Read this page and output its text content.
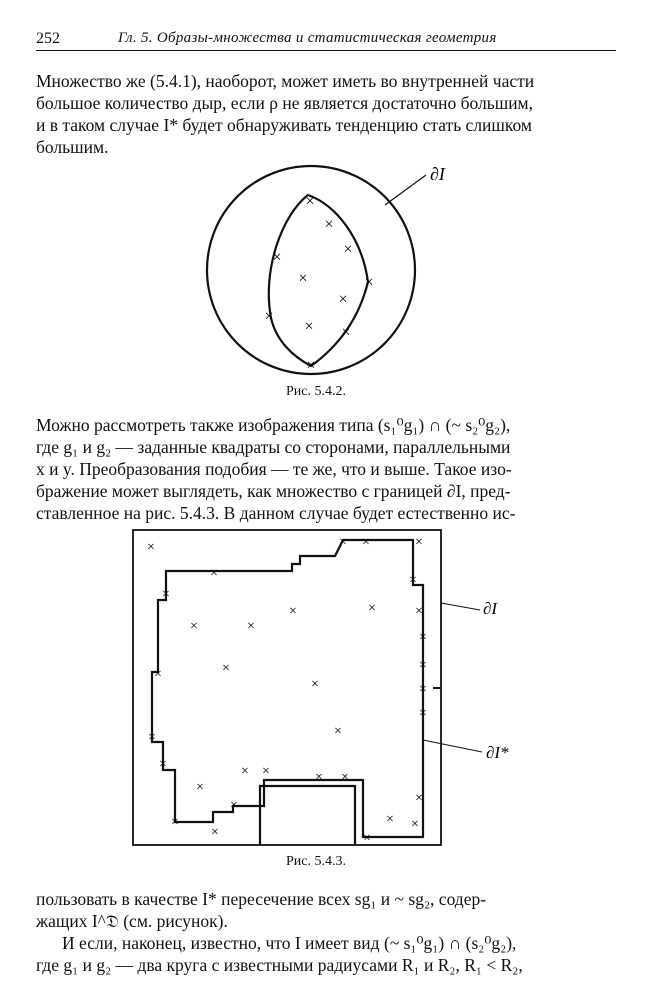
252	Гл. 5. Образы-множества и статистическая геометрия
Множество же (5.4.1), наоборот, может иметь во внутренней части
большое количество дыр, если ρ не является достаточно большим,
и в таком случае I* будет обнаруживать тенденцию стать слишком
большим.
∂I
×
×
×
×
×	×
×
×
× ×
×
∂I
∂I*
×	× ×	×
×	×
×
×	×	×
×	×
×
×	×
×
×	×
×
×
×
×	× ×	× ×
×
×
×
×
×	×
×	×
Рис. 5.4.2.
Можно рассмотреть также изображения типа (s₁⁰g₁) ∩ (~ s₂⁰g₂),
где g₁ и g₂ — заданные квадраты со сторонами, параллельными
x и y. Преобразования подобия — те же, что и выше. Такое изо-
бражение может выглядеть, как множество с границей ∂I, пред-
ставленное на рис. 5.4.3. В данном случае будет естественно ис-
Рис. 5.4.3.
пользовать в качестве I* пересечение всех sg₁ и ~ sg₂, содер-
жащих I^𝔇 (см. рисунок).
И если, наконец, известно, что I имеет вид (~ s₁⁰g₁) ∩ (s₂⁰g₂),
где g₁ и g₂ — два круга с известными радиусами R₁ и R₂, R₁ < R₂,
